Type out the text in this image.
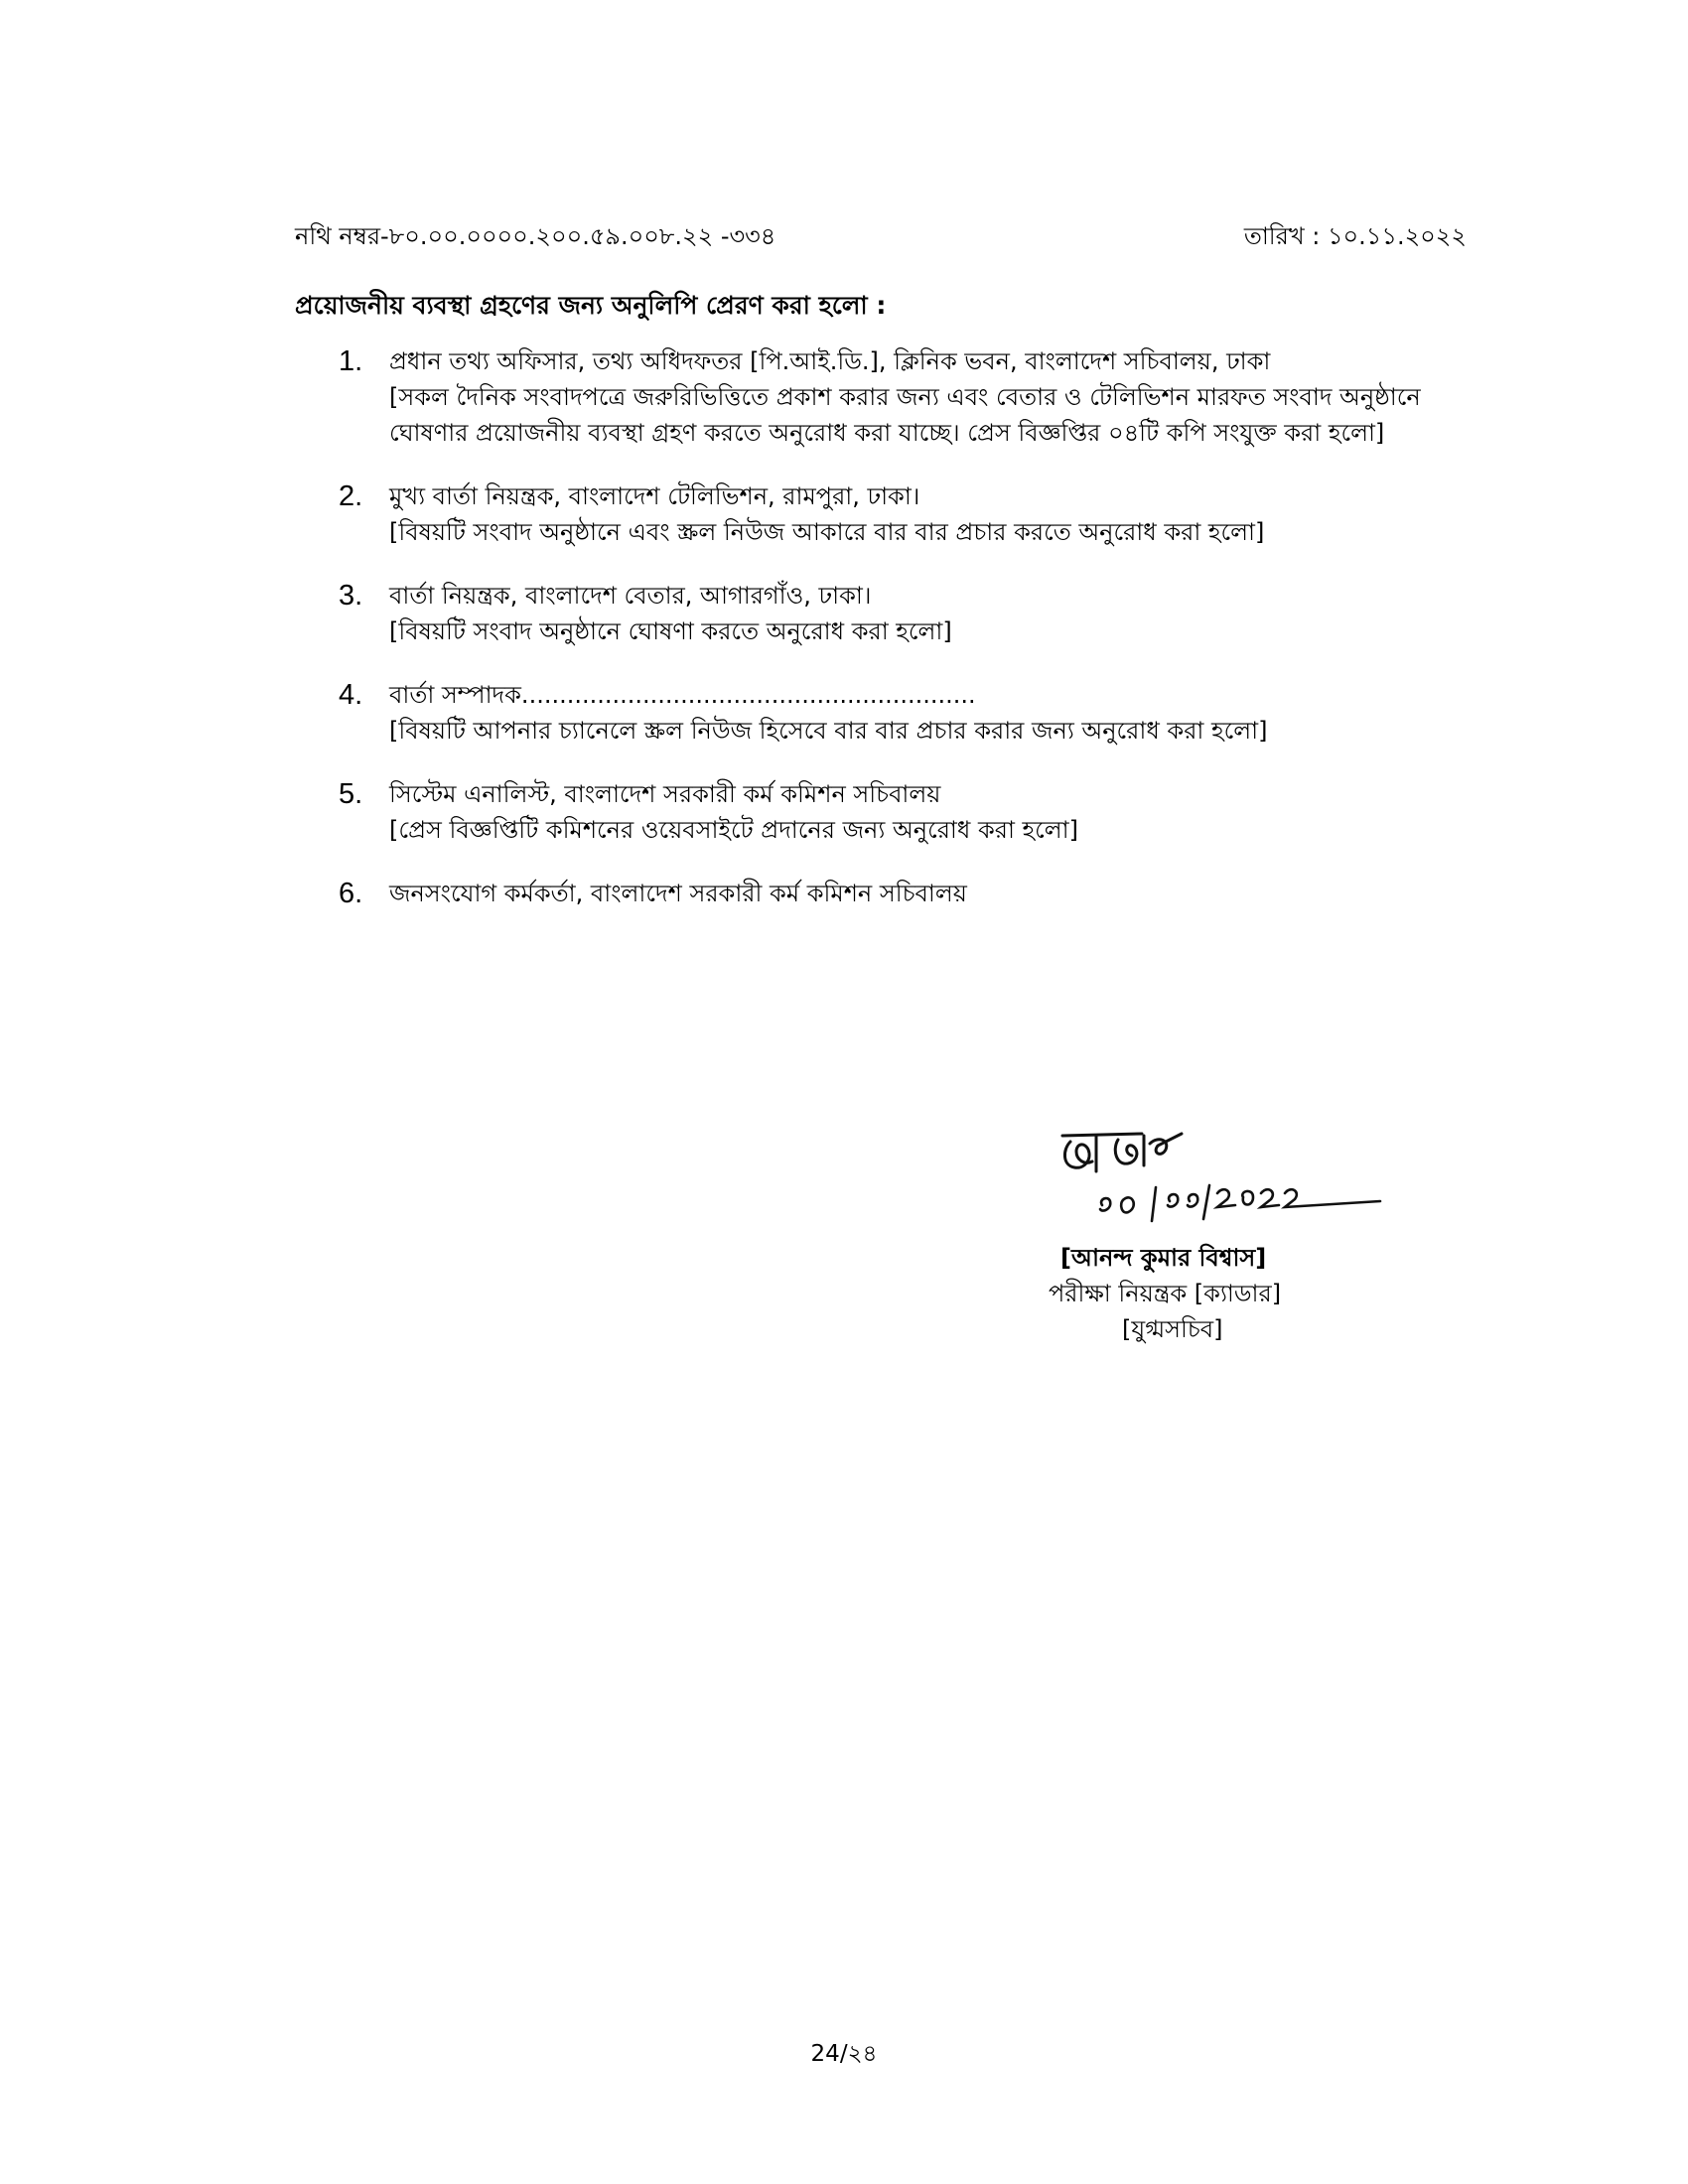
নথি নম্বর-৮০.০০.০০০০.২০০.৫৯.০০৮.২২ -৩৩৪	তারিখ : ১০.১১.২০২২
প্রয়োজনীয় ব্যবস্থা গ্রহণের জন্য অনুলিপি প্রেরণ করা হলো :
1. প্রধান তথ্য অফিসার, তথ্য অধিদফতর [পি.আই.ডি.], ক্লিনিক ভবন, বাংলাদেশ সচিবালয়, ঢাকা
[সকল দৈনিক সংবাদপত্রে জরুরিভিত্তিতে প্রকাশ করার জন্য এবং বেতার ও টেলিভিশন মারফত সংবাদ অনুষ্ঠানে ঘোষণার প্রয়োজনীয় ব্যবস্থা গ্রহণ করতে অনুরোধ করা যাচ্ছে। প্রেস বিজ্ঞপ্তির ০৪টি কপি সংযুক্ত করা হলো]
2. মুখ্য বার্তা নিয়ন্ত্রক, বাংলাদেশ টেলিভিশন, রামপুরা, ঢাকা।
[বিষয়টি সংবাদ অনুষ্ঠানে এবং স্ক্রল নিউজ আকারে বার বার প্রচার করতে অনুরোধ করা হলো]
3. বার্তা নিয়ন্ত্রক, বাংলাদেশ বেতার, আগারগাঁও, ঢাকা।
[বিষয়টি সংবাদ অনুষ্ঠানে ঘোষণা করতে অনুরোধ করা হলো]
4. বার্তা সম্পাদক............................................................
[বিষয়টি আপনার চ্যানেলে স্ক্রল নিউজ হিসেবে বার বার প্রচার করার জন্য অনুরোধ করা হলো]
5. সিস্টেম এনালিস্ট, বাংলাদেশ সরকারী কর্ম কমিশন সচিবালয়
[প্রেস বিজ্ঞপ্তিটি কমিশনের ওয়েবসাইটে প্রদানের জন্য অনুরোধ করা হলো]
6. জনসংযোগ কর্মকর্তা, বাংলাদেশ সরকারী কর্ম কমিশন সচিবালয়
[আনন্দ কুমার বিশ্বাস]
পরীক্ষা নিয়ন্ত্রক [ক্যাডার]
[যুগ্মসচিব]
24/২৪
